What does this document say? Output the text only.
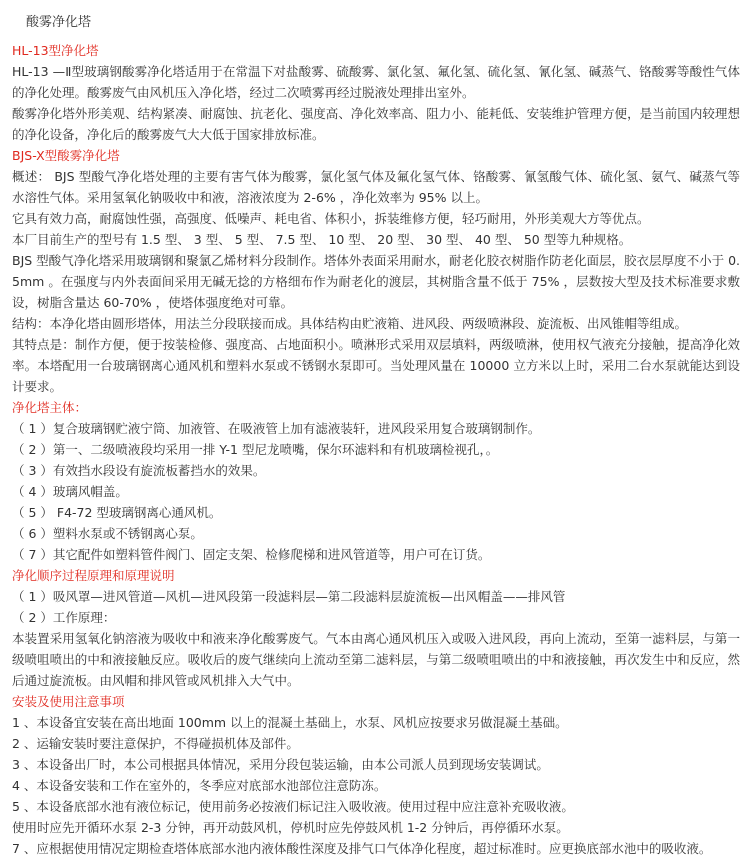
酸雾净化塔
HL-13型净化塔

HL-13 —Ⅱ型玻璃钢酸雾净化塔适用于在常温下对盐酸雾、硫酸雾、氯化氢、氟化氢、硫化氢、氰化氢、碱蒸气、铬酸雾等酸性气体的净化处理。酸雾废气由风机压入净化塔，经过二次喷雾再经过脱液处理排出室外。

酸雾净化塔外形美观、结构紧凑、耐腐蚀、抗老化、强度高、净化效率高、阻力小、能耗低、安装维护管理方便，是当前国内较理想的净化设备，净化后的酸雾废气大大低于国家排放标准。

BJS-X型酸雾净化塔

概述： BJS 型酸气净化塔处理的主要有害气体为酸雾，氯化氢气体及氟化氢气体、铬酸雾、氰氢酸气体、硫化氢、氨气、碱蒸气等水溶性气体。采用氢氧化钠吸收中和液，溶液浓度为 2-6% ，净化效率为 95% 以上。

它具有效力高，耐腐蚀性强，高强度、低噪声、耗电省、体积小，拆装维修方便，轻巧耐用，外形美观大方等优点。

本厂目前生产的型号有 1.5 型、 3 型、 5 型、 7.5 型、 10 型、 20 型、 30 型、 40 型、 50 型等九种规格。

BJS 型酸气净化塔采用玻璃钢和聚氯乙烯材料分段制作。塔体外表面采用耐水，耐老化胶衣树脂作防老化面层，胶衣层厚度不小于 0.5mm 。在强度与内外表面间采用无碱无捻的方格细布作为耐老化的渡层，其树脂含量不低于 75% ，层数按大型及技术标准要求敷设，树脂含量达 60-70% ，使塔体强度绝对可靠。

结构：本净化塔由圆形塔体，用法兰分段联接而成。具体结构由贮液箱、进风段、两级喷淋段、旋流板、出风锥帽等组成。

其特点是：制作方便，便于按装检修、强度高、占地面积小。喷淋形式采用双层填料，两级喷淋，使用权气液充分接触，提高净化效率。本塔配用一台玻璃钢离心通风机和塑料水泵或不锈钢水泵即可。当处理风量在 10000 立方米以上时，采用二台水泵就能达到设计要求。

净化塔主体：

（ 1 ）复合玻璃钢贮液宁筒、加液管、在吸液管上加有滤液装轩，进风段采用复合玻璃钢制作。

（ 2 ）第一、二级喷液段均采用一排 Y-1 型尼龙喷嘴，保尔环滤料和有机玻璃检视孔，。

（ 3 ）有效挡水段设有旋流板蓄挡水的效果。

（ 4 ）玻璃风帽盖。

（ 5 ） F4-72 型玻璃钢离心通风机。

（ 6 ）塑料水泵或不锈钢离心泵。

（ 7 ）其它配件如塑料管件阀门、固定支架、检修爬梯和进风管道等，用户可在订货。

净化顺序过程原理和原理说明

（ 1 ）吸风罩—进风管道—风机—进风段第一段滤料层—第二段滤料层旋流板—出风帽盖——排风管

（ 2 ）工作原理：

本装置采用氢氧化钠溶液为吸收中和液来净化酸雾废气。气本由离心通风机压入或吸入进风段，再向上流动，至第一滤料层，与第一级喷咀喷出的中和液接触反应。吸收后的废气继续向上流动至第二滤料层，与第二级喷咀喷出的中和液接触，再次发生中和反应，然后通过旋流板。由风帽和排风管或风机排入大气中。

安装及使用注意事项

1 、本设备宜安装在高出地面 100mm 以上的混凝土基础上，水泵、风机应按要求另做混凝土基础。

2 、运输安装时要注意保护，不得碰损机体及部件。

3 、本设备出厂时，本公司根据具体情况，采用分段包装运输，由本公司派人员到现场安装调试。

4 、本设备安装和工作在室外的，冬季应对底部水池部位注意防冻。

5 、本设备底部水池有液位标记，使用前务必按液们标记注入吸收液。使用过程中应注意补充吸收液。

使用时应先开循环水泵 2-3 分钟，再开动鼓风机，停机时应先停鼓风机 1-2 分钟后，再停循环水泵。

7 、应根据使用情况定期检查塔体底部水池内液体酸性深度及排气口气体净化程度，超过标准时。应更换底部水池中的吸收液。
